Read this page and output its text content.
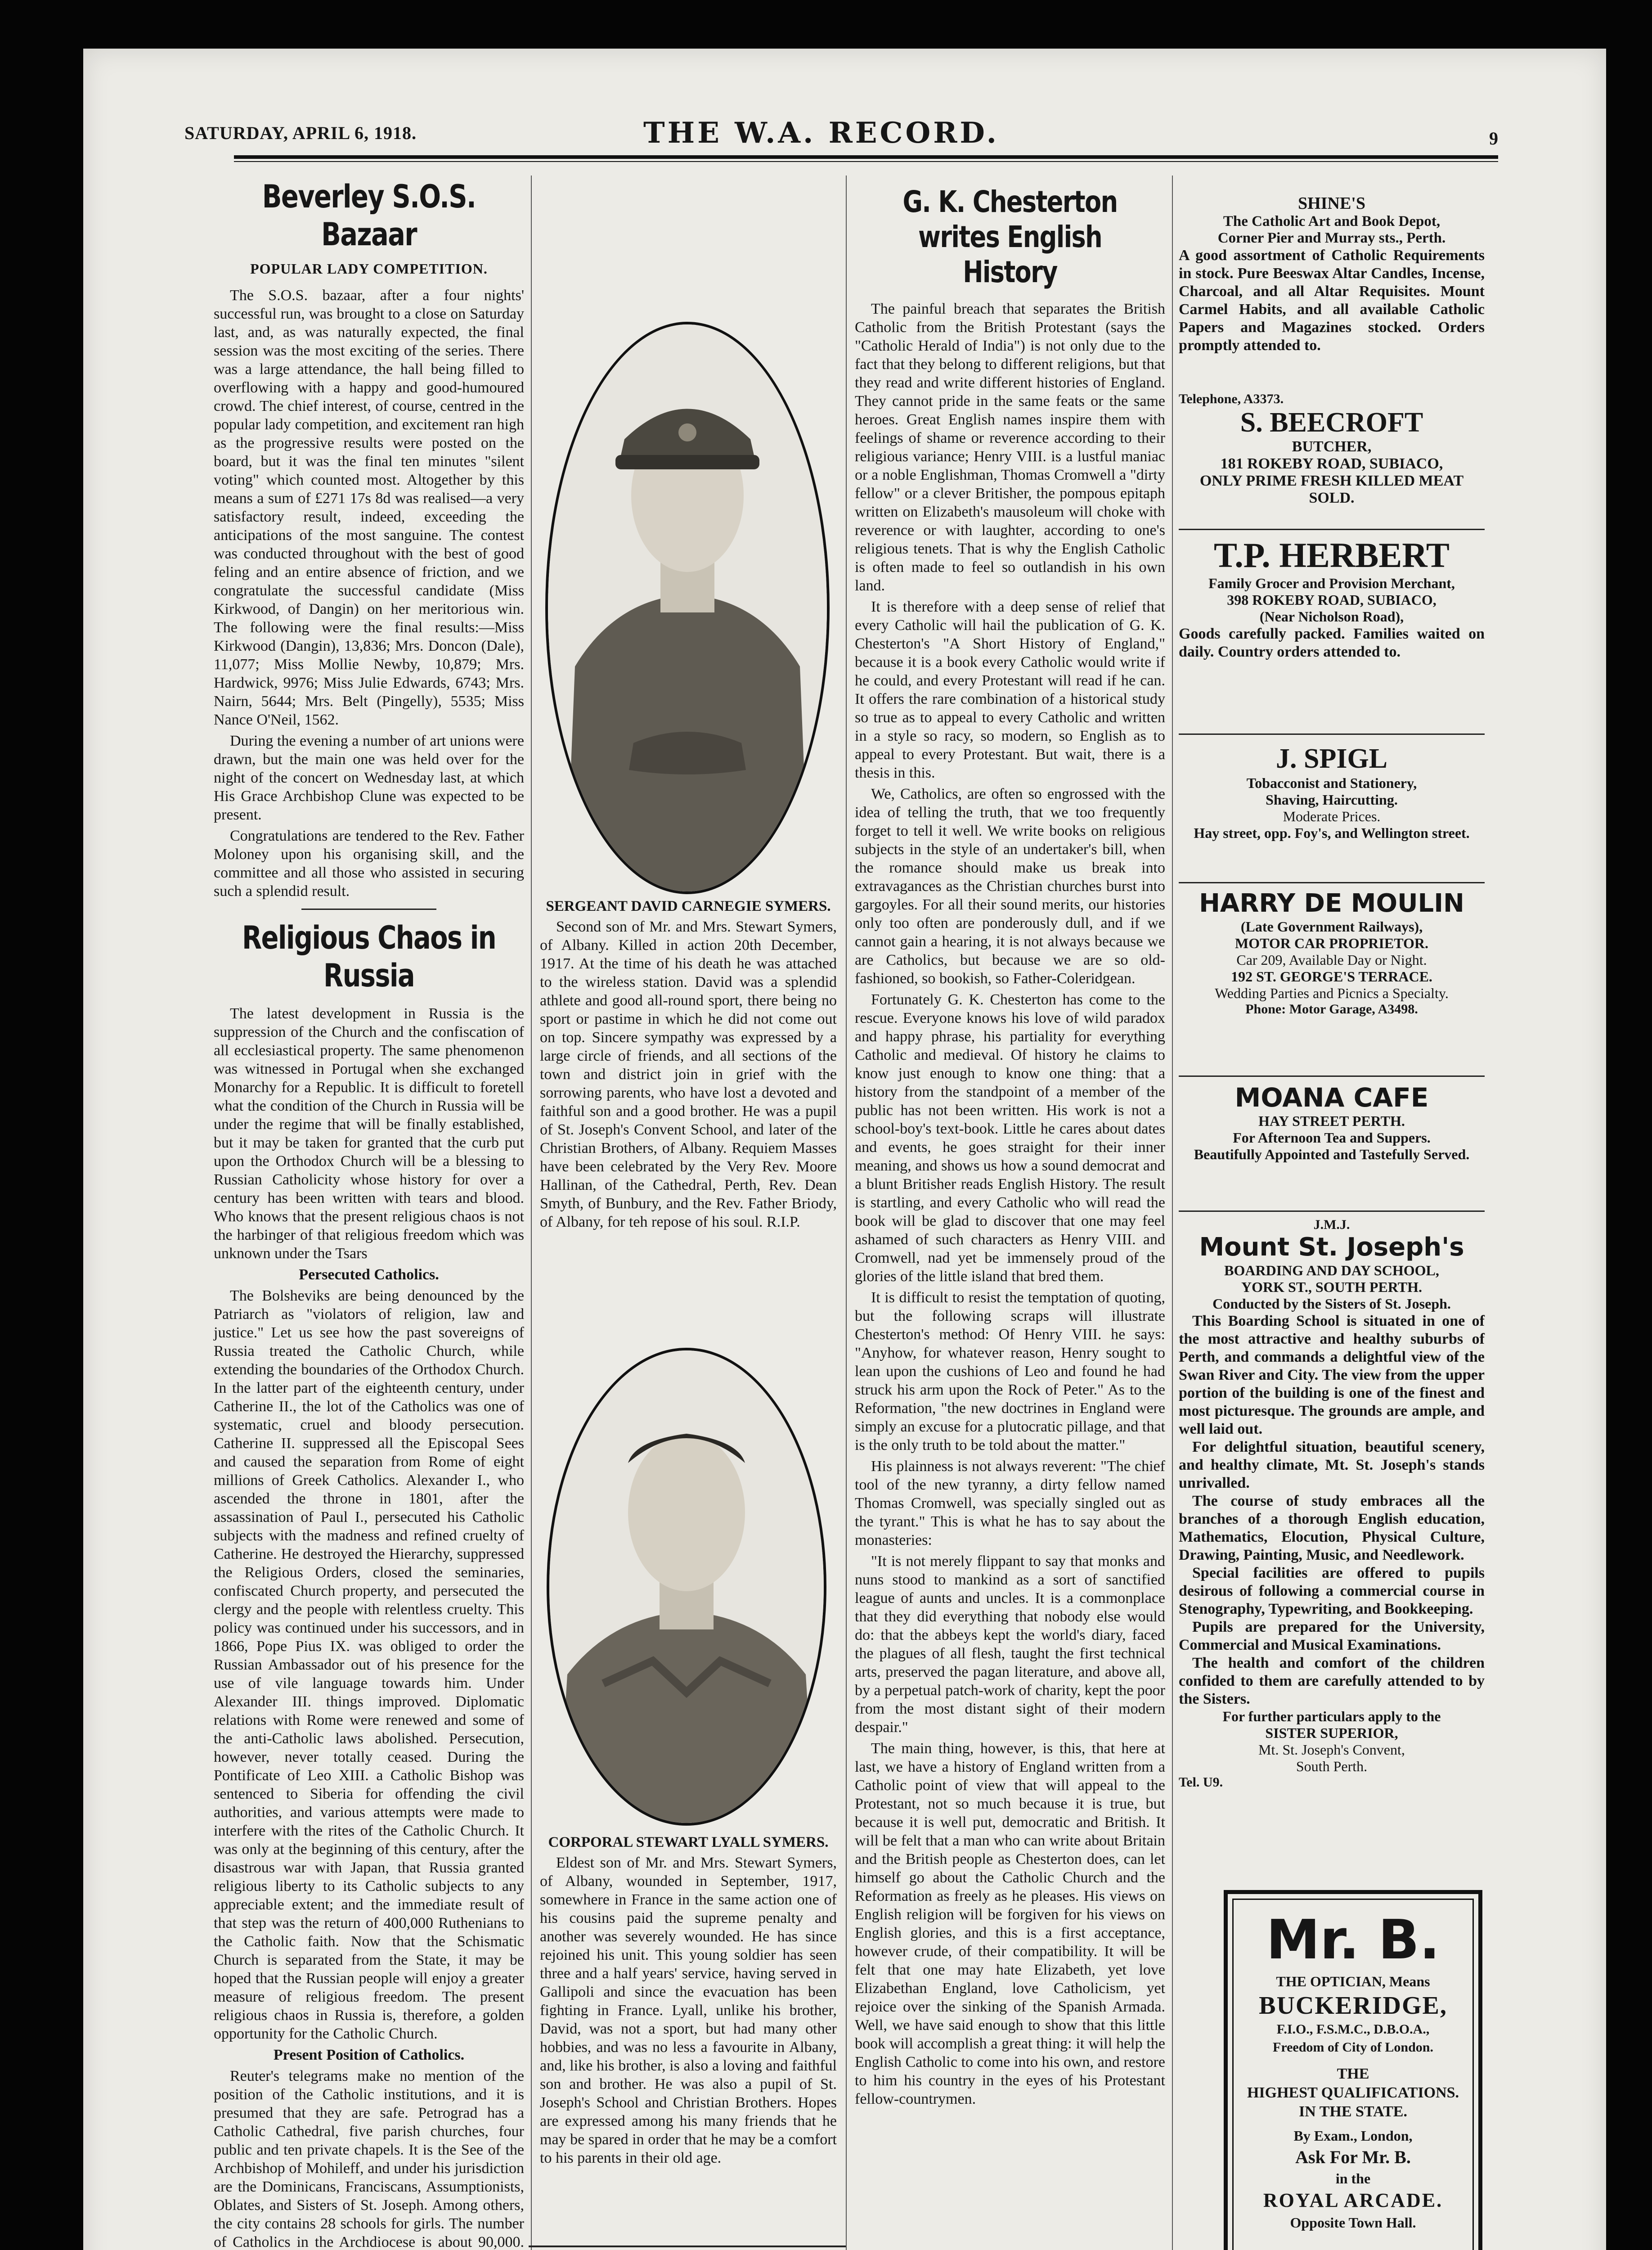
SATURDAY, APRIL 6, 1918.	THE W.A. RECORD.	9
Beverley S.O.S. Bazaar
POPULAR LADY COMPETITION.

The S.O.S. bazaar, after a four nights' successful run, was brought to a close on Saturday last, and, as was naturally expected, the final session was the most exciting of the series. There was a large attendance, the hall being filled to overflowing with a happy and good-humoured crowd. The chief interest, of course, centred in the popular lady competition, and excitement ran high as the progressive results were posted on the board, but it was the final ten minutes "silent voting" which counted most. Altogether by this means a sum of £271 17s 8d was realised—a very satisfactory result, indeed, exceeding the anticipations of the most sanguine. The contest was conducted throughout with the best of good feling and an entire absence of friction, and we congratulate the successful candidate (Miss Kirkwood, of Dangin) on her meritorious win. The following were the final results:—Miss Kirkwood (Dangin), 13,836; Mrs. Doncon (Dale), 11,077; Miss Mollie Newby, 10,879; Mrs. Hardwick, 9976; Miss Julie Edwards, 6743; Mrs. Nairn, 5644; Mrs. Belt (Pingelly), 5535; Miss Nance O'Neil, 1562.

During the evening a number of art unions were drawn, but the main one was held over for the night of the concert on Wednesday last, at which His Grace Archbishop Clune was expected to be present.

Congratulations are tendered to the Rev. Father Moloney upon his organising skill, and the committee and all those who assisted in securing such a splendid result.

Religious Chaos in Russia

The latest development in Russia is the suppression of the Church and the confiscation of all ecclesiastical property. The same phenomenon was witnessed in Portugal when she exchanged Monarchy for a Republic. It is difficult to foretell what the condition of the Church in Russia will be under the regime that will be finally established, but it may be taken for granted that the curb put upon the Orthodox Church will be a blessing to Russian Catholicity whose history for over a century has been written with tears and blood. Who knows that the present religious chaos is not the harbinger of that religious freedom which was unknown under the Tsars

Persecuted Catholics.

The Bolsheviks are being denounced by the Patriarch as "violators of religion, law and justice." Let us see how the past sovereigns of Russia treated the Catholic Church, while extending the boundaries of the Orthodox Church. In the latter part of the eighteenth century, under Catherine II., the lot of the Catholics was one of systematic, cruel and bloody persecution. Catherine II. suppressed all the Episcopal Sees and caused the separation from Rome of eight millions of Greek Catholics. Alexander I., who ascended the throne in 1801, after the assassination of Paul I., persecuted his Catholic subjects with the madness and refined cruelty of Catherine. He destroyed the Hierarchy, suppressed the Religious Orders, closed the seminaries, confiscated Church property, and persecuted the clergy and the people with relentless cruelty. This policy was continued under his successors, and in 1866, Pope Pius IX. was obliged to order the Russian Ambassador out of his presence for the use of vile language towards him. Under Alexander III. things improved. Diplomatic relations with Rome were renewed and some of the anti-Catholic laws abolished. Persecution, however, never totally ceased. During the Pontificate of Leo XIII. a Catholic Bishop was sentenced to Siberia for offending the civil authorities, and various attempts were made to interfere with the rites of the Catholic Church. It was only at the beginning of this century, after the disastrous war with Japan, that Russia granted religious liberty to its Catholic subjects to any appreciable extent; and the immediate result of that step was the return of 400,000 Ruthenians to the Catholic faith. Now that the Schismatic Church is separated from the State, it may be hoped that the Russian people will enjoy a greater measure of religious freedom. The present religious chaos in Russia is, therefore, a golden opportunity for the Catholic Church.

Present Position of Catholics.

Reuter's telegrams make no mention of the position of the Catholic institutions, and it is presumed that they are safe. Petrograd has a Catholic Cathedral, five parish churches, four public and ten private chapels. It is the See of the Archbishop of Mohileff, and under his jurisdiction are the Dominicans, Franciscans, Assumptionists, Oblates, and Sisters of St. Joseph. Among others, the city contains 28 schools for girls. The number of Catholics in the Archdiocese is about 90,000.

SERGEANT DAVID CARNEGIE SYMERS.

Second son of Mr. and Mrs. Stewart Symers, of Albany. Killed in action 20th December, 1917. At the time of his death he was attached to the wireless station. David was a splendid athlete and good all-round sport, there being no sport or pastime in which he did not come out on top. Sincere sympathy was expressed by a large circle of friends, and all sections of the town and district join in grief with the sorrowing parents, who have lost a devoted and faithful son and a good brother. He was a pupil of St. Joseph's Convent School, and later of the Christian Brothers, of Albany. Requiem Masses have been celebrated by the Very Rev. Moore Hallinan, of the Cathedral, Perth, Rev. Dean Smyth, of Bunbury, and the Rev. Father Briody, of Albany, for teh repose of his soul. R.I.P.

CORPORAL STEWART LYALL SYMERS.

Eldest son of Mr. and Mrs. Stewart Symers, of Albany, wounded in September, 1917, somewhere in France in the same action one of his cousins paid the supreme penalty and another was severely wounded. He has since rejoined his unit. This young soldier has seen three and a half years' service, having served in Gallipoli and since the evacuation has been fighting in France. Lyall, unlike his brother, David, was not a sport, but had many other hobbies, and was no less a favourite in Albany, and, like his brother, is also a loving and faithful son and brother. He was also a pupil of St. Joseph's School and Christian Brothers. Hopes are expressed among his many friends that he may be spared in order that he may be a comfort to his parents in their old age.

G. K. Chesterton writes English History

The painful breach that separates the British Catholic from the British Protestant (says the "Catholic Herald of India") is not only due to the fact that they belong to different religions, but that they read and write different histories of England. They cannot pride in the same feats or the same heroes. Great English names inspire them with feelings of shame or reverence according to their religious variance; Henry VIII. is a lustful maniac or a noble Englishman, Thomas Cromwell a "dirty fellow" or a clever Britisher, the pompous epitaph written on Elizabeth's mausoleum will choke with reverence or with laughter, according to one's religious tenets. That is why the English Catholic is often made to feel so outlandish in his own land.

It is therefore with a deep sense of relief that every Catholic will hail the publication of G. K. Chesterton's "A Short History of England," because it is a book every Catholic would write if he could, and every Protestant will read if he can. It offers the rare combination of a historical study so true as to appeal to every Catholic and written in a style so racy, so modern, so English as to appeal to every Protestant. But wait, there is a thesis in this.

We, Catholics, are often so engrossed with the idea of telling the truth, that we too frequently forget to tell it well. We write books on religious subjects in the style of an undertaker's bill, when the romance should make us break into extravagances as the Christian churches burst into gargoyles. For all their sound merits, our histories only too often are ponderously dull, and if we cannot gain a hearing, it is not always because we are Catholics, but because we are so old-fashioned, so bookish, so Father-Coleridgean.

Fortunately G. K. Chesterton has come to the rescue. Everyone knows his love of wild paradox and happy phrase, his partiality for everything Catholic and medieval. Of history he claims to know just enough to know one thing: that a history from the standpoint of a member of the public has not been written. His work is not a school-boy's text-book. Little he cares about dates and events, he goes straight for their inner meaning, and shows us how a sound democrat and a blunt Britisher reads English History. The result is startling, and every Catholic who will read the book will be glad to discover that one may feel ashamed of such characters as Henry VIII. and Cromwell, nad yet be immensely proud of the glories of the little island that bred them.

It is difficult to resist the temptation of quoting, but the following scraps will illustrate Chesterton's method: Of Henry VIII. he says: "Anyhow, for whatever reason, Henry sought to lean upon the cushions of Leo and found he had struck his arm upon the Rock of Peter." As to the Reformation, "the new doctrines in England were simply an excuse for a plutocratic pillage, and that is the only truth to be told about the matter."

His plainness is not always reverent: "The chief tool of the new tyranny, a dirty fellow named Thomas Cromwell, was specially singled out as the tyrant." This is what he has to say about the monasteries:

"It is not merely flippant to say that monks and nuns stood to mankind as a sort of sanctified league of aunts and uncles. It is a commonplace that they did everything that nobody else would do: that the abbeys kept the world's diary, faced the plagues of all flesh, taught the first technical arts, preserved the pagan literature, and above all, by a perpetual patch-work of charity, kept the poor from the most distant sight of their modern despair."

The main thing, however, is this, that here at last, we have a history of England written from a Catholic point of view that will appeal to the Protestant, not so much because it is true, but because it is well put, democratic and British. It will be felt that a man who can write about Britain and the British people as Chesterton does, can let himself go about the Catholic Church and the Reformation as freely as he pleases. His views on English religion will be forgiven for his views on English glories, and this is a first acceptance, however crude, of their compatibility. It will be felt that one may hate Elizabeth, yet love Elizabethan England, love Catholicism, yet rejoice over the sinking of the Spanish Armada. Well, we have said enough to show that this little book will accomplish a great thing: it will help the English Catholic to come into his own, and restore to him his country in the eyes of his Protestant fellow-countrymen.

SHINE'S

The Catholic Art and Book Depot,

Corner Pier and Murray sts., Perth.

A good assortment of Catholic Requirements in stock. Pure Beeswax Altar Candles, Incense, Charcoal, and all Altar Requisites. Mount Carmel Habits, and all available Catholic Papers and Magazines stocked. Orders promptly attended to.

Telephone, A3373.

S. BEECROFT

BUTCHER,

181 ROKEBY ROAD, SUBIACO,

ONLY PRIME FRESH KILLED MEAT SOLD.

T.P. HERBERT

Family Grocer and Provision Merchant,

398 ROKEBY ROAD, SUBIACO,

(Near Nicholson Road),

Goods carefully packed. Families waited on daily. Country orders attended to.

J. SPIGL

Tobacconist and Stationery,

Shaving, Haircutting.

Moderate Prices.

Hay street, opp. Foy's, and Wellington street.

HARRY DE MOULIN

(Late Government Railways),

MOTOR CAR PROPRIETOR.

Car 209, Available Day or Night.

192 ST. GEORGE'S TERRACE.

Wedding Parties and Picnics a Specialty.

Phone: Motor Garage, A3498.

MOANA CAFE

HAY STREET PERTH.

For Afternoon Tea and Suppers.

Beautifully Appointed and Tastefully Served.

J.M.J.

Mount St. Joseph's

BOARDING AND DAY SCHOOL,

YORK ST., SOUTH PERTH.

Conducted by the Sisters of St. Joseph.

This Boarding School is situated in one of the most attractive and healthy suburbs of Perth, and commands a delightful view of the Swan River and City. The view from the upper portion of the building is one of the finest and most picturesque. The grounds are ample, and well laid out.

For delightful situation, beautiful scenery, and healthy climate, Mt. St. Joseph's stands unrivalled.

The course of study embraces all the branches of a thorough English education, Mathematics, Elocution, Physical Culture, Drawing, Painting, Music, and Needlework.

Special facilities are offered to pupils desirous of following a commercial course in Stenography, Typewriting, and Bookkeeping.

Pupils are prepared for the University, Commercial and Musical Examinations.

The health and comfort of the children confided to them are carefully attended to by the Sisters.

For further particulars apply to the

SISTER SUPERIOR,

Mt. St. Joseph's Convent,

South Perth.

Tel. U9.

Mr. B.
THE OPTICIAN, Means
BUCKERIDGE,
F.I.O., F.S.M.C., D.B.O.A.,
Freedom of City of London.
THE
HIGHEST QUALIFICATIONS.
IN THE STATE.
By Exam., London,
Ask For Mr. B.
in the
ROYAL ARCADE.
Opposite Town Hall.
